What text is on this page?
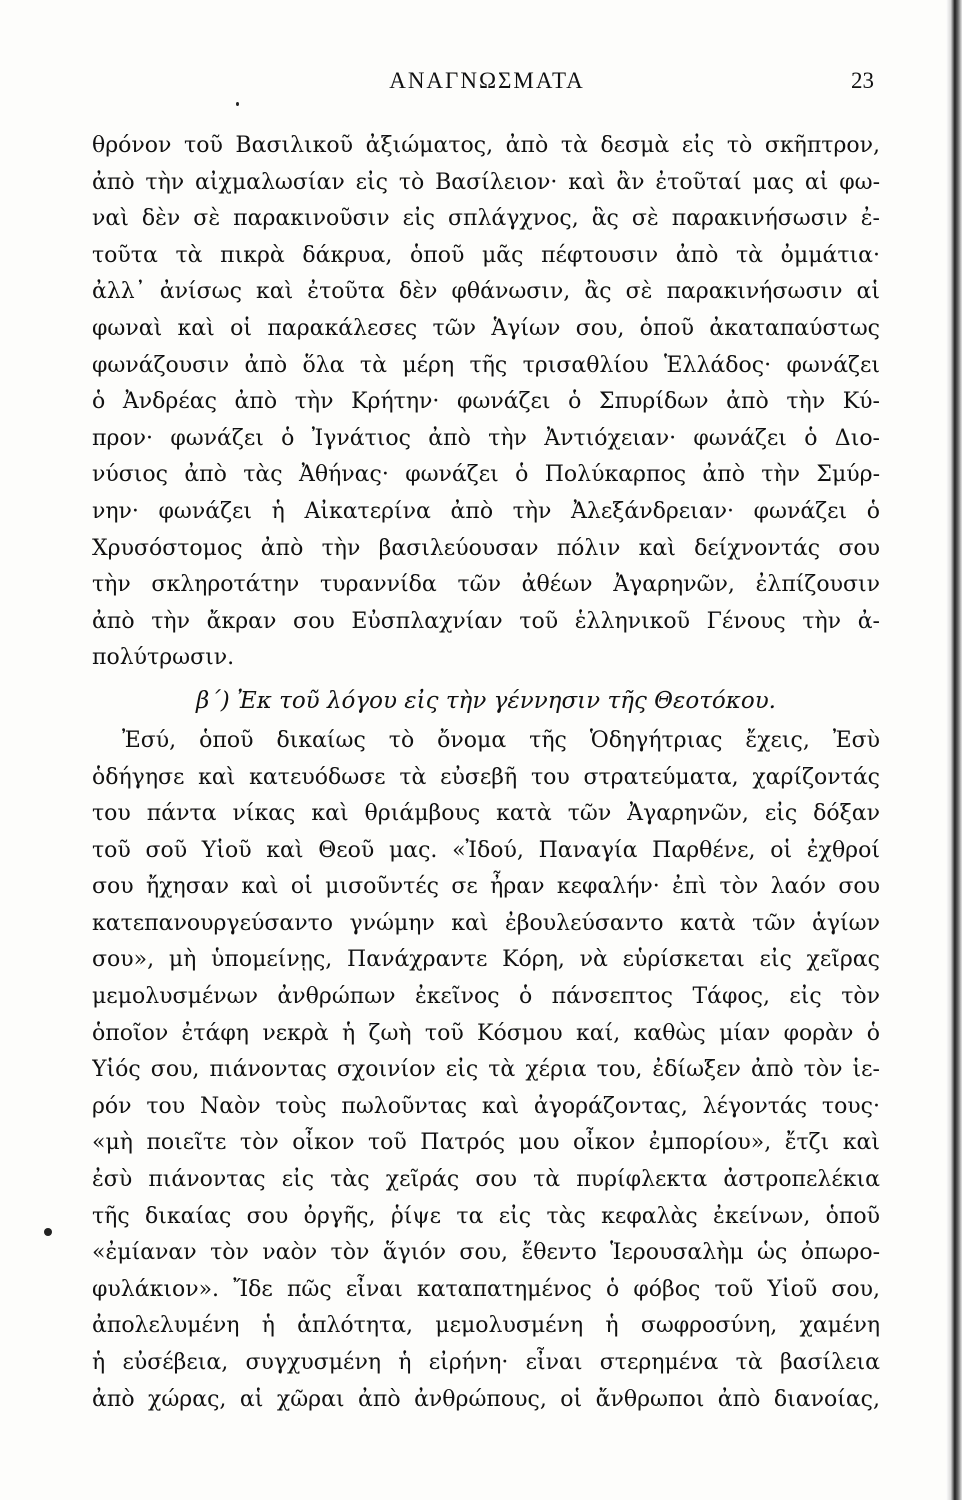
ΑΝΑΓΝΩΣΜΑΤΑ	23
θρόνον τοῦ Βασιλικοῦ ἀξιώματος, ἀπὸ τὰ δεσμὰ εἰς τὸ σκῆπτρον,
ἀπὸ τὴν αἰχμαλωσίαν εἰς τὸ Βασίλειον· καὶ ἂν ἐτοῦταί μας αἱ φω-
ναὶ δὲν σὲ παρακινοῦσιν εἰς σπλάγχνος, ἃς σὲ παρακινήσωσιν ἐ-
τοῦτα τὰ πικρὰ δάκρυα, ὁποῦ μᾶς πέφτουσιν ἀπὸ τὰ ὀμμάτια·
ἀλλ᾽ ἀνίσως καὶ ἐτοῦτα δὲν φθάνωσιν, ἂς σὲ παρακινήσωσιν αἱ
φωναὶ καὶ οἱ παρακάλεσες τῶν Ἁγίων σου, ὁποῦ ἀκαταπαύστως
φωνάζουσιν ἀπὸ ὅλα τὰ μέρη τῆς τρισαθλίου Ἑλλάδος· φωνάζει
ὁ Ἀνδρέας ἀπὸ τὴν Κρήτην· φωνάζει ὁ Σπυρίδων ἀπὸ τὴν Κύ-
προν· φωνάζει ὁ Ἰγνάτιος ἀπὸ τὴν Ἀντιόχειαν· φωνάζει ὁ Διο-
νύσιος ἀπὸ τὰς Ἀθήνας· φωνάζει ὁ Πολύκαρπος ἀπὸ τὴν Σμύρ-
νην· φωνάζει ἡ Αἰκατερίνα ἀπὸ τὴν Ἀλεξάνδρειαν· φωνάζει ὁ
Χρυσόστομος ἀπὸ τὴν βασιλεύουσαν πόλιν καὶ δείχνοντάς σου
τὴν σκληροτάτην τυραννίδα τῶν ἀθέων Ἀγαρηνῶν, ἐλπίζουσιν
ἀπὸ τὴν ἄκραν σου Εὐσπλαχνίαν τοῦ ἑλληνικοῦ Γένους τὴν ἀ-
πολύτρωσιν.
β΄) Ἐκ τοῦ λόγου εἰς τὴν γέννησιν τῆς Θεοτόκου.
Ἐσύ, ὁποῦ δικαίως τὸ ὄνομα τῆς Ὁδηγήτριας ἔχεις, Ἐσὺ
ὁδήγησε καὶ κατευόδωσε τὰ εὐσεβῆ του στρατεύματα, χαρίζοντάς
του πάντα νίκας καὶ θριάμβους κατὰ τῶν Ἀγαρηνῶν, εἰς δόξαν
τοῦ σοῦ Υἱοῦ καὶ Θεοῦ μας. «Ἰδού, Παναγία Παρθένε, οἱ ἐχθροί
σου ἤχησαν καὶ οἱ μισοῦντές σε ἦραν κεφαλήν· ἐπὶ τὸν λαόν σου
κατεπανουργεύσαντο γνώμην καὶ ἐβουλεύσαντο κατὰ τῶν ἁγίων
σου», μὴ ὑπομείνῃς, Πανάχραντε Κόρη, νὰ εὑρίσκεται εἰς χεῖρας
μεμολυσμένων ἀνθρώπων ἐκεῖνος ὁ πάνσεπτος Τάφος, εἰς τὸν
ὁποῖον ἐτάφη νεκρὰ ἡ ζωὴ τοῦ Κόσμου καί, καθὼς μίαν φορὰν ὁ
Υἱός σου, πιάνοντας σχοινίον εἰς τὰ χέρια του, ἐδίωξεν ἀπὸ τὸν ἱε-
ρόν του Ναὸν τοὺς πωλοῦντας καὶ ἀγοράζοντας, λέγοντάς τους·
«μὴ ποιεῖτε τὸν οἶκον τοῦ Πατρός μου οἶκον ἐμπορίου», ἔτζι καὶ
ἐσὺ πιάνοντας εἰς τὰς χεῖράς σου τὰ πυρίφλεκτα ἀστροπελέκια
τῆς δικαίας σου ὀργῆς, ῥίψε τα εἰς τὰς κεφαλὰς ἐκείνων, ὁποῦ
«ἐμίαναν τὸν ναὸν τὸν ἅγιόν σου, ἔθεντο Ἱερουσαλὴμ ὡς ὀπωρο-
φυλάκιον». Ἴδε πῶς εἶναι καταπατημένος ὁ φόβος τοῦ Υἱοῦ σου,
ἀπολελυμένη ἡ ἁπλότητα, μεμολυσμένη ἡ σωφροσύνη, χαμένη
ἡ εὐσέβεια, συγχυσμένη ἡ εἰρήνη· εἶναι στερημένα τὰ βασίλεια
ἀπὸ χώρας, αἱ χῶραι ἀπὸ ἀνθρώπους, οἱ ἄνθρωποι ἀπὸ διανοίας,
